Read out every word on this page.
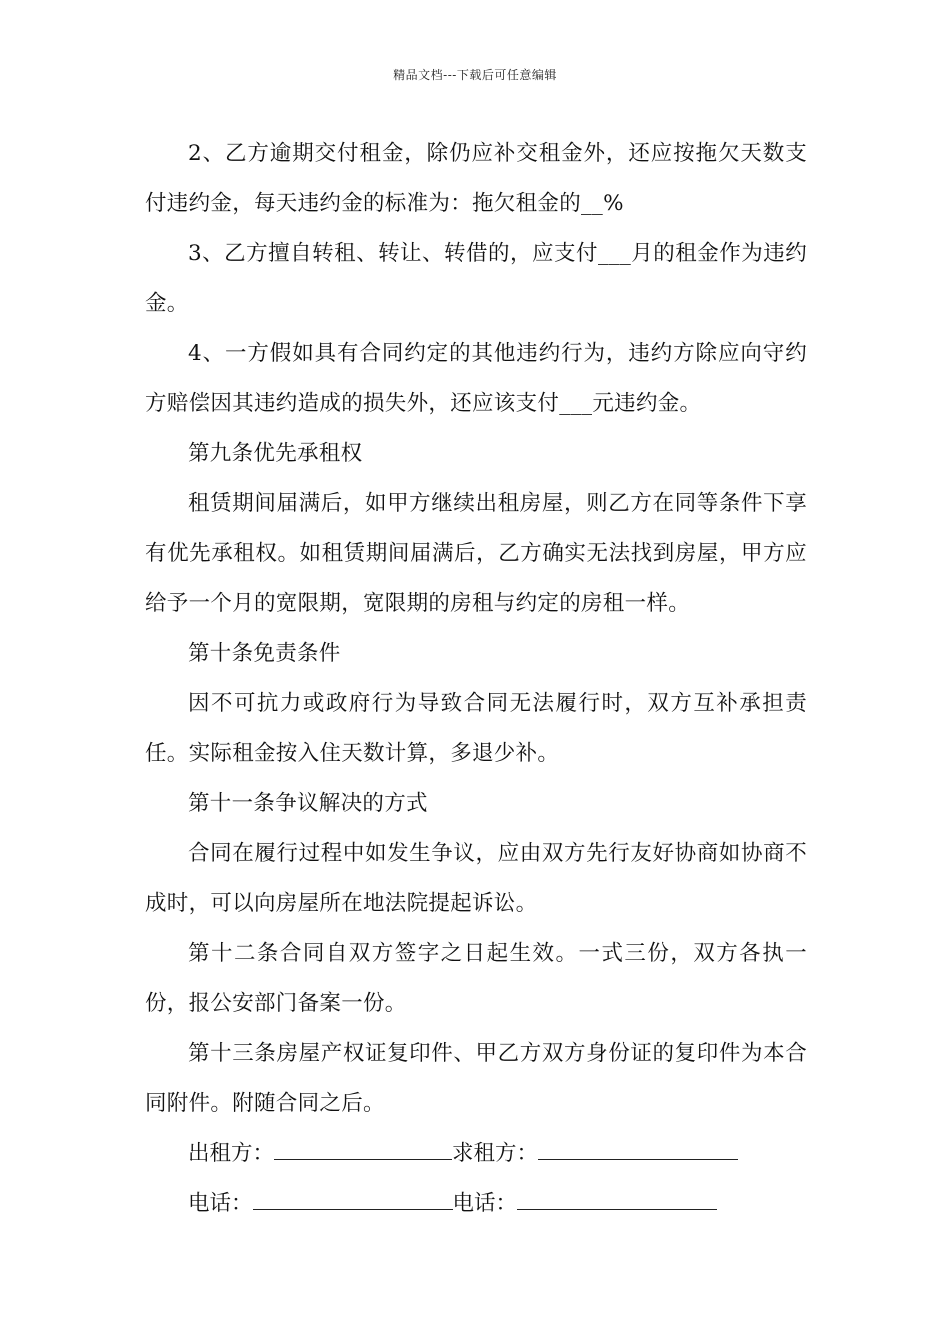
精品文档---下载后可任意编辑

2、乙方逾期交付租金，除仍应补交租金外，还应按拖欠天数支付违约金，每天违约金的标准为：拖欠租金的__%

3、乙方擅自转租、转让、转借的，应支付___月的租金作为违约金。

4、一方假如具有合同约定的其他违约行为，违约方除应向守约方赔偿因其违约造成的损失外，还应该支付___元违约金。

第九条优先承租权

租赁期间届满后，如甲方继续出租房屋，则乙方在同等条件下享有优先承租权。如租赁期间届满后，乙方确实无法找到房屋，甲方应给予一个月的宽限期，宽限期的房租与约定的房租一样。

第十条免责条件

因不可抗力或政府行为导致合同无法履行时，双方互补承担责任。实际租金按入住天数计算，多退少补。

第十一条争议解决的方式

合同在履行过程中如发生争议，应由双方先行友好协商如协商不成时，可以向房屋所在地法院提起诉讼。

第十二条合同自双方签字之日起生效。一式三份，双方各执一份，报公安部门备案一份。

第十三条房屋产权证复印件、甲乙方双方身份证的复印件为本合同附件。附随合同之后。

出租方：	求租方：
电话：	电话：
